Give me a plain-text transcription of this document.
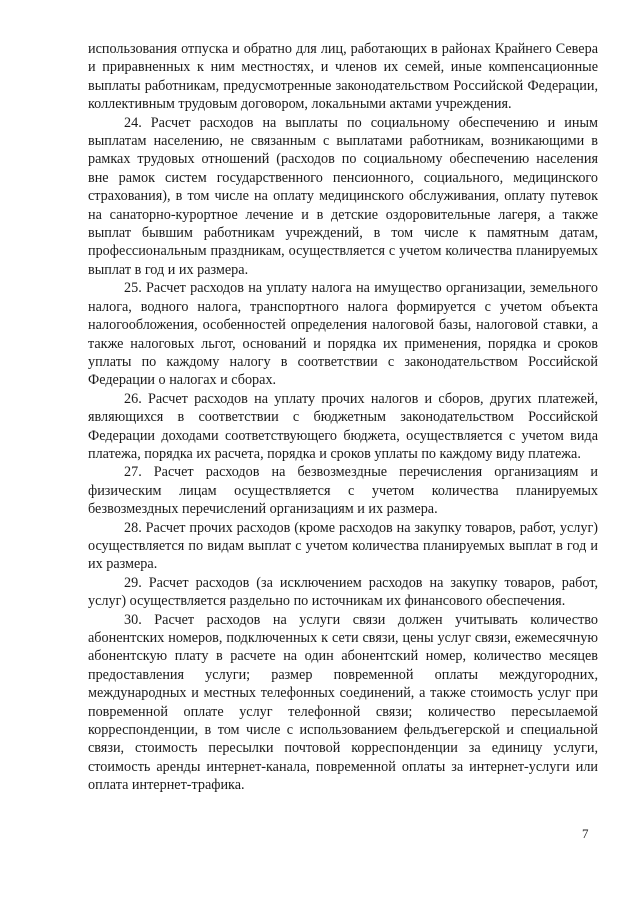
использования отпуска и обратно для лиц, работающих в районах Крайнего Севера и приравненных к ним местностях, и членов их семей, иные компенсационные выплаты работникам, предусмотренные законодательством Российской Федерации, коллективным трудовым договором, локальными актами учреждения.

24. Расчет расходов на выплаты по социальному обеспечению и иным выплатам населению, не связанным с выплатами работникам, возникающими в рамках трудовых отношений (расходов по социальному обеспечению населения вне рамок систем государственного пенсионного, социального, медицинского страхования), в том числе на оплату медицинского обслуживания, оплату путевок на санаторно-курортное лечение и в детские оздоровительные лагеря, а также выплат бывшим работникам учреждений, в том числе к памятным датам, профессиональным праздникам, осуществляется с учетом количества планируемых выплат в год и их размера.

25. Расчет расходов на уплату налога на имущество организации, земельного налога, водного налога, транспортного налога формируется с учетом объекта налогообложения, особенностей определения налоговой базы, налоговой ставки, а также налоговых льгот, оснований и порядка их применения, порядка и сроков уплаты по каждому налогу в соответствии с законодательством Российской Федерации о налогах и сборах.

26. Расчет расходов на уплату прочих налогов и сборов, других платежей, являющихся в соответствии с бюджетным законодательством Российской Федерации доходами соответствующего бюджета, осуществляется с учетом вида платежа, порядка их расчета, порядка и сроков уплаты по каждому виду платежа.

27. Расчет расходов на безвозмездные перечисления организациям и физическим лицам осуществляется с учетом количества планируемых безвозмездных перечислений организациям и их размера.

28. Расчет прочих расходов (кроме расходов на закупку товаров, работ, услуг) осуществляется по видам выплат с учетом количества планируемых выплат в год и их размера.

29. Расчет расходов (за исключением расходов на закупку товаров, работ, услуг) осуществляется раздельно по источникам их финансового обеспечения.

30. Расчет расходов на услуги связи должен учитывать количество абонентских номеров, подключенных к сети связи, цены услуг связи, ежемесячную абонентскую плату в расчете на один абонентский номер, количество месяцев предоставления услуги; размер повременной оплаты междугородних, международных и местных телефонных соединений, а также стоимость услуг при повременной оплате услуг телефонной связи; количество пересылаемой корреспонденции, в том числе с использованием фельдъегерской и специальной связи, стоимость пересылки почтовой корреспонденции за единицу услуги, стоимость аренды интернет-канала, повременной оплаты за интернет-услуги или оплата интернет-трафика.

7
